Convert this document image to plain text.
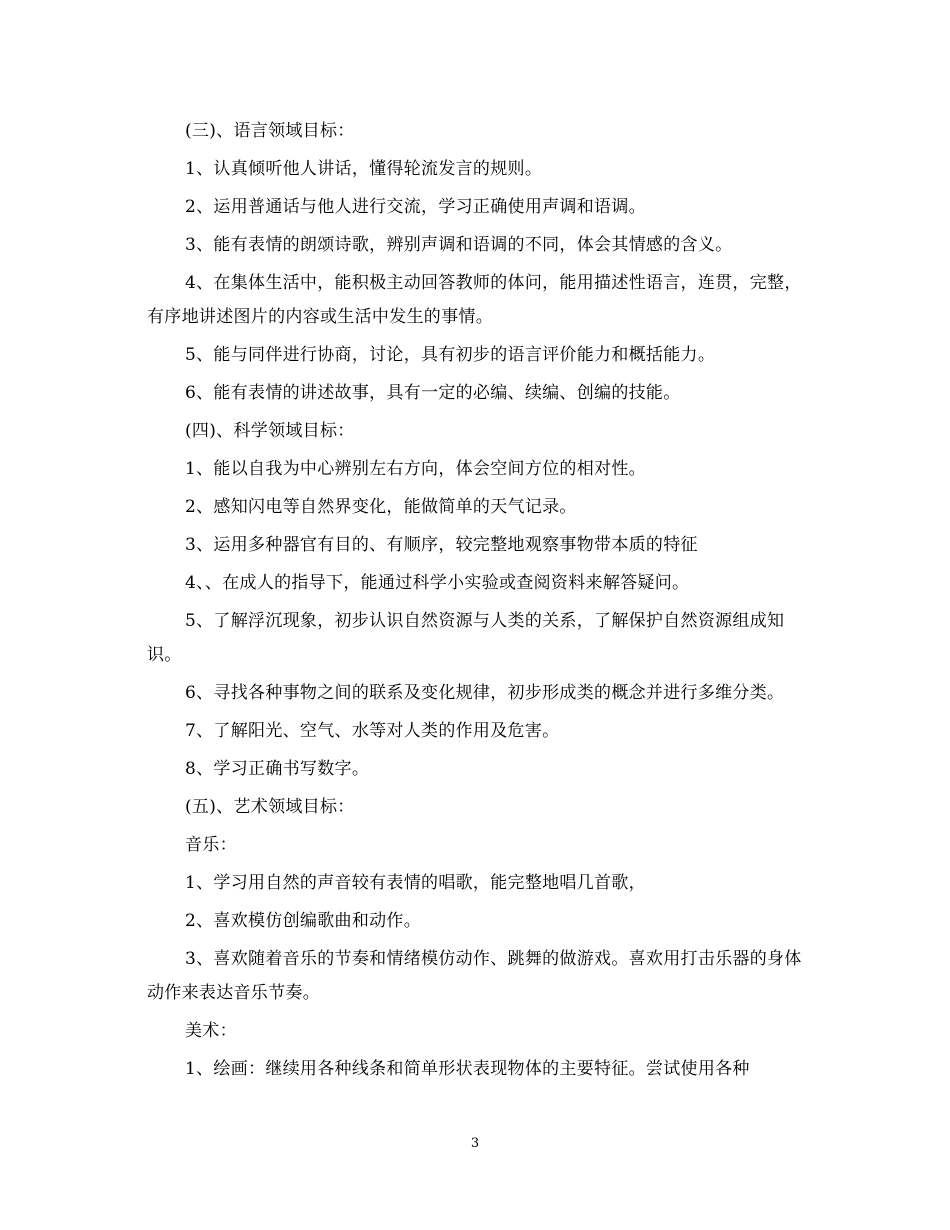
(三)、语言领域目标：

1、认真倾听他人讲话，懂得轮流发言的规则。

2、运用普通话与他人进行交流，学习正确使用声调和语调。

3、能有表情的朗颂诗歌，辨别声调和语调的不同，体会其情感的含义。

4、在集体生活中，能积极主动回答教师的体问，能用描述性语言，连贯，完整，有序地讲述图片的内容或生活中发生的事情。

5、能与同伴进行协商，讨论，具有初步的语言评价能力和概括能力。

6、能有表情的讲述故事，具有一定的必编、续编、创编的技能。

(四)、科学领域目标：

1、能以自我为中心辨别左右方向，体会空间方位的相对性。

2、感知闪电等自然界变化，能做简单的天气记录。

3、运用多种器官有目的、有顺序，较完整地观察事物带本质的特征

4、、在成人的指导下，能通过科学小实验或查阅资料来解答疑问。

5、了解浮沉现象，初步认识自然资源与人类的关系，了解保护自然资源组成知识。

6、寻找各种事物之间的联系及变化规律，初步形成类的概念并进行多维分类。

7、了解阳光、空气、水等对人类的作用及危害。

8、学习正确书写数字。

(五)、艺术领域目标：

音乐：

1、学习用自然的声音较有表情的唱歌，能完整地唱几首歌，

2、喜欢模仿创编歌曲和动作。

3、喜欢随着音乐的节奏和情绪模仿动作、跳舞的做游戏。喜欢用打击乐器的身体动作来表达音乐节奏。

美术：

1、绘画：继续用各种线条和简单形状表现物体的主要特征。尝试使用各种

3
